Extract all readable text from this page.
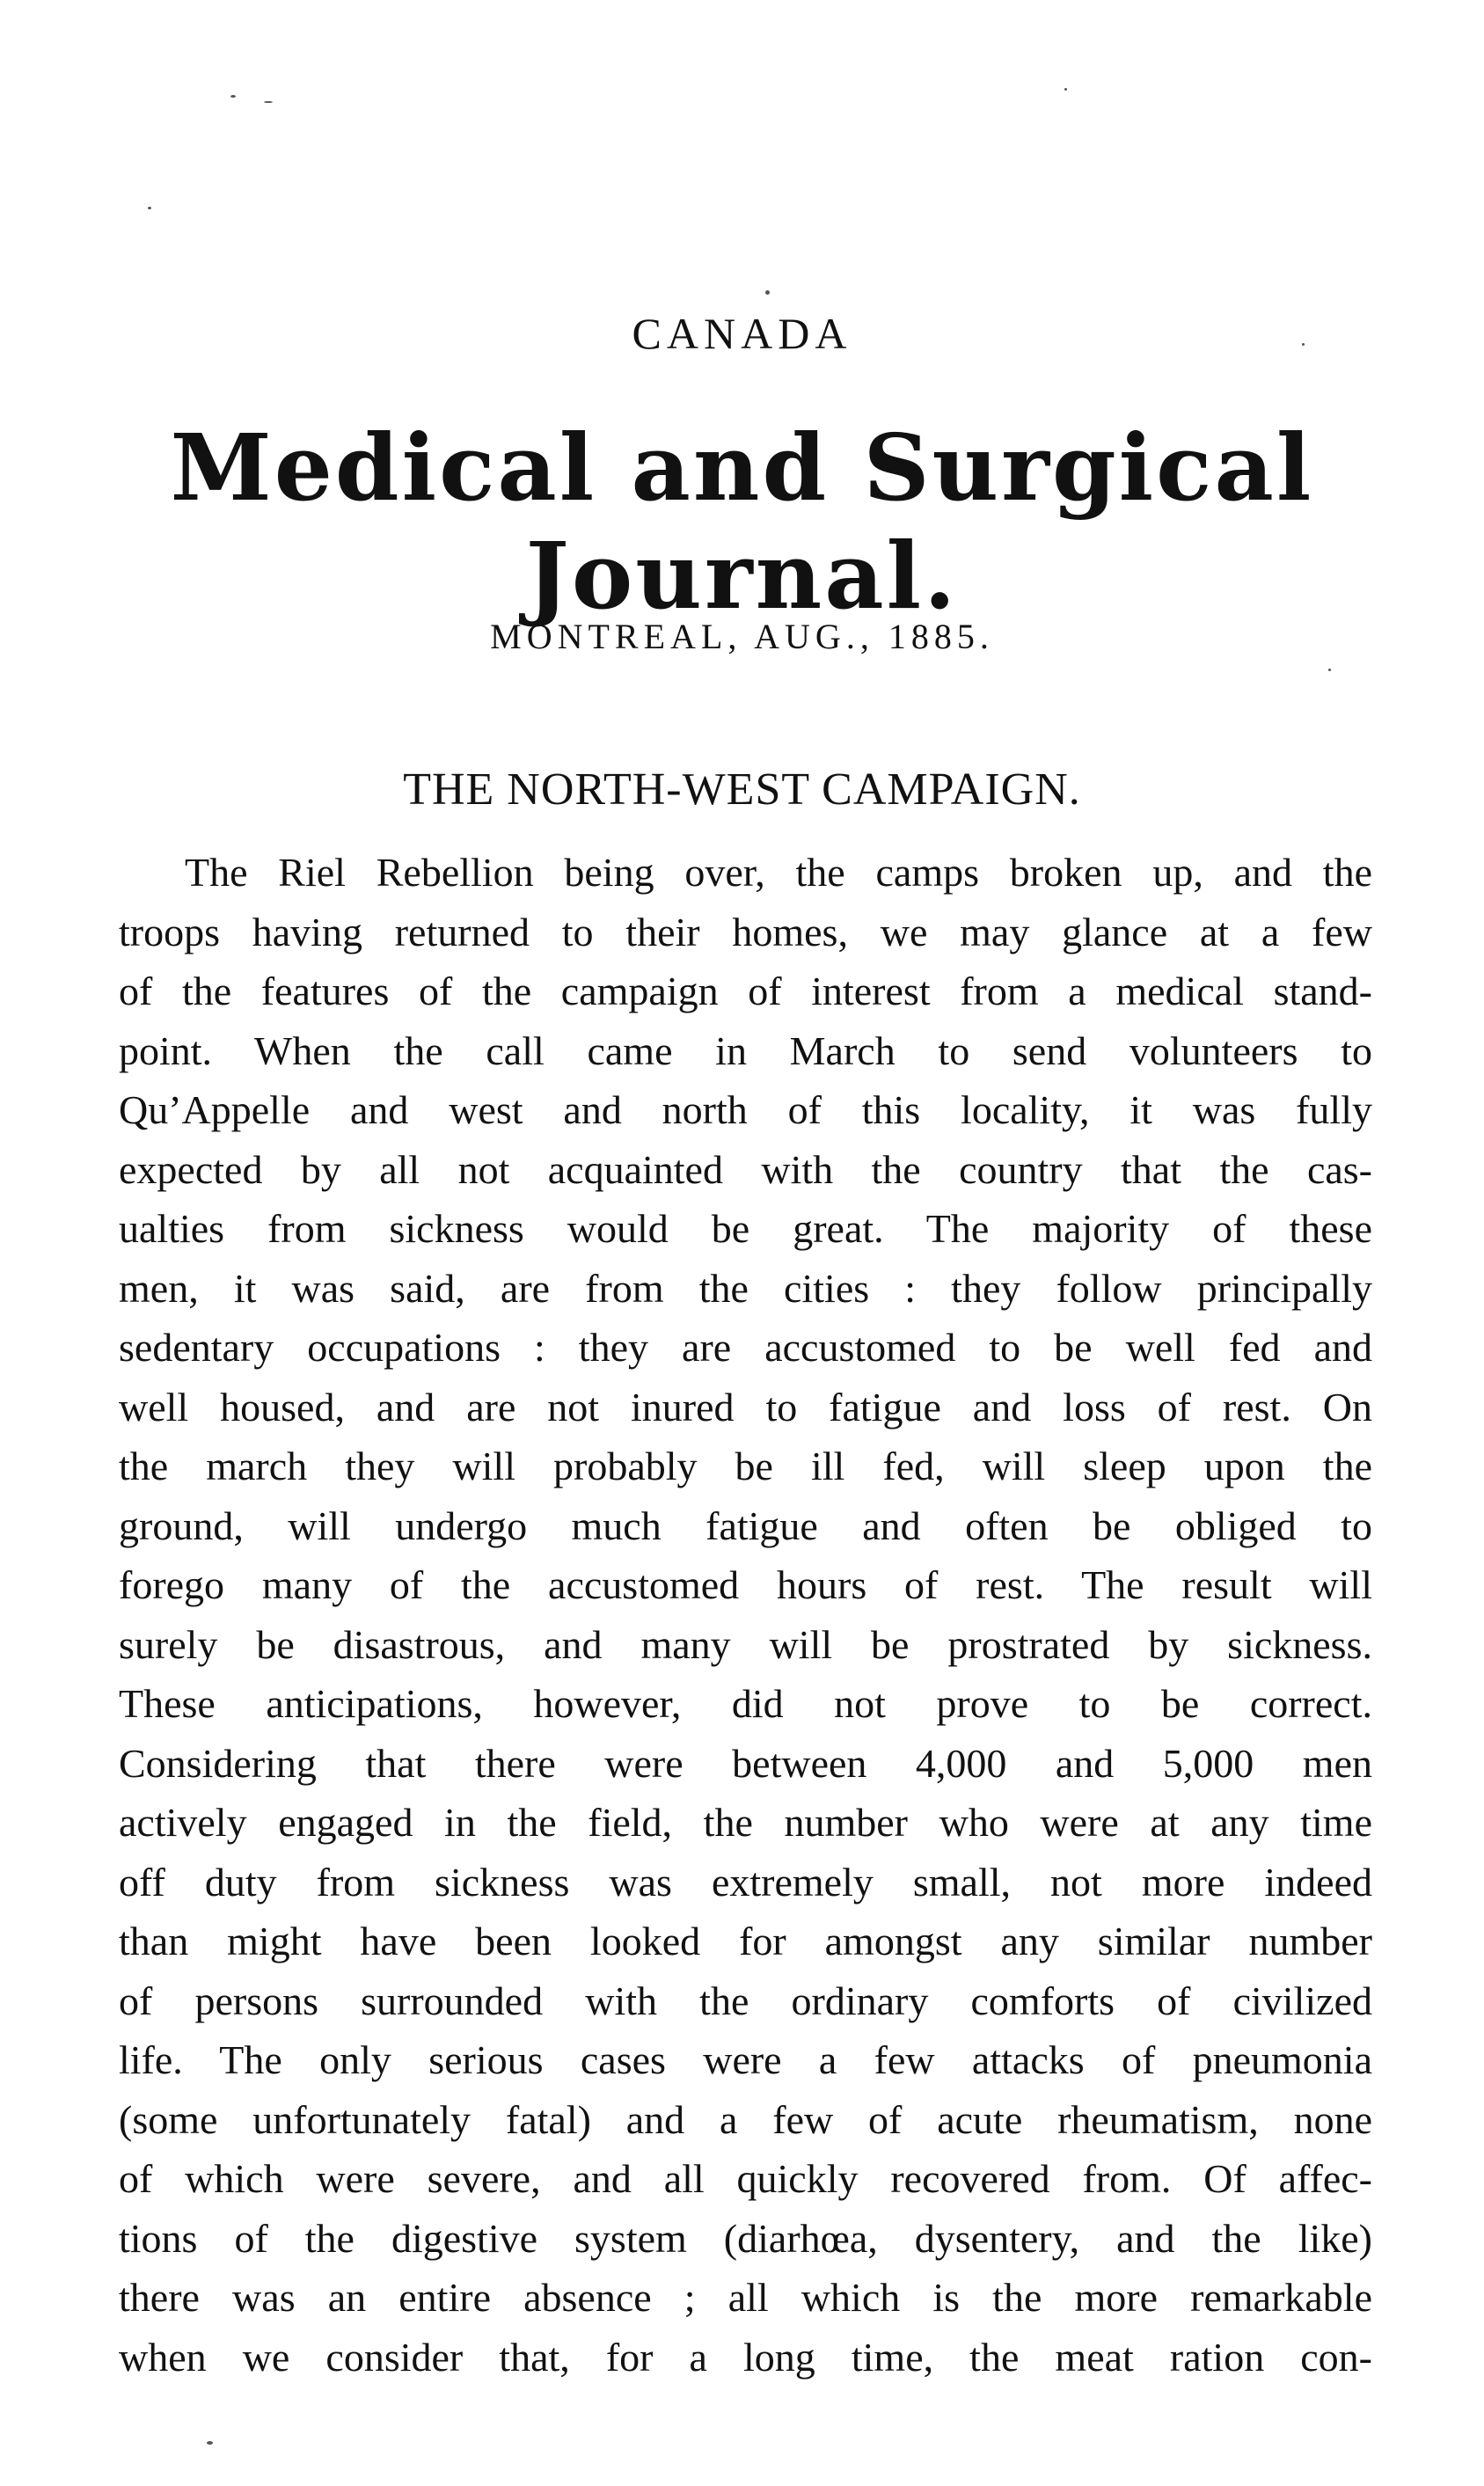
CANADA
Medical and Surgical Journal.
MONTREAL, AUG., 1885.
THE NORTH-WEST CAMPAIGN.
The Riel Rebellion being over, the camps broken up, and the
troops having returned to their homes, we may glance at a few
of the features of the campaign of interest from a medical stand-
point. When the call came in March to send volunteers to
Qu’Appelle and west and north of this locality, it was fully
expected by all not acquainted with the country that the cas-
ualties from sickness would be great. The majority of these
men, it was said, are from the cities : they follow principally
sedentary occupations : they are accustomed to be well fed and
well housed, and are not inured to fatigue and loss of rest. On
the march they will probably be ill fed, will sleep upon the
ground, will undergo much fatigue and often be obliged to
forego many of the accustomed hours of rest. The result will
surely be disastrous, and many will be prostrated by sickness.
These anticipations, however, did not prove to be correct.
Considering that there were between 4,000 and 5,000 men
actively engaged in the field, the number who were at any time
off duty from sickness was extremely small, not more indeed
than might have been looked for amongst any similar number
of persons surrounded with the ordinary comforts of civilized
life. The only serious cases were a few attacks of pneumonia
(some unfortunately fatal) and a few of acute rheumatism, none
of which were severe, and all quickly recovered from. Of affec-
tions of the digestive system (diarhœa, dysentery, and the like)
there was an entire absence ; all which is the more remarkable
when we consider that, for a long time, the meat ration con-
